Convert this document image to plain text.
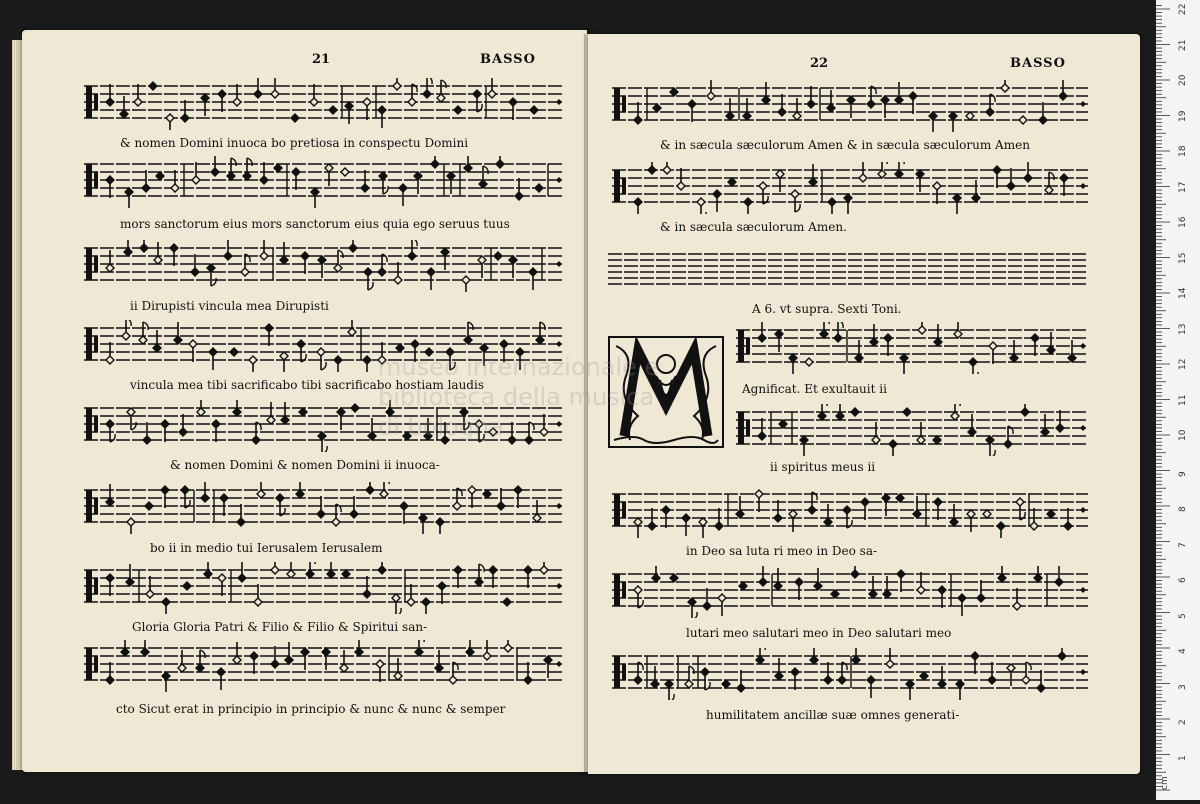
21	BASSO	22	BASSO
& nomen Domini inuoca bo pretiosa in conspectu Domini
mors sanctorum eius mors sanctorum eius quia ego seruus tuus
ii Dirupisti vincula mea Dirupisti
vincula mea tibi sacrificabo tibi sacrificabo hostiam laudis
& nomen Domini & nomen Domini ii inuoca-
bo ii in medio tui Ierusalem Ierusalem
Gloria Gloria Patri & Filio & Filio & Spiritui san-
cto Sicut erat in principio in principio & nunc & nunc & semper
& in sæcula sæculorum Amen & in sæcula sæculorum Amen
& in sæcula sæculorum Amen.
A 6. vt supra. Sexti Toni.
M
Agnificat. Et exultauit ii
ii spiritus meus ii
in Deo sa luta ri meo in Deo sa-
lutari meo salutari meo in Deo salutari meo
humilitatem ancillæ suæ omnes generati-
museo internazionale e
biblioteca della musica
di bologna
1
2
3
4
5
6
7
8
9
10
11
12
13
14
15
16
17
18
19
20
21
22
cm
